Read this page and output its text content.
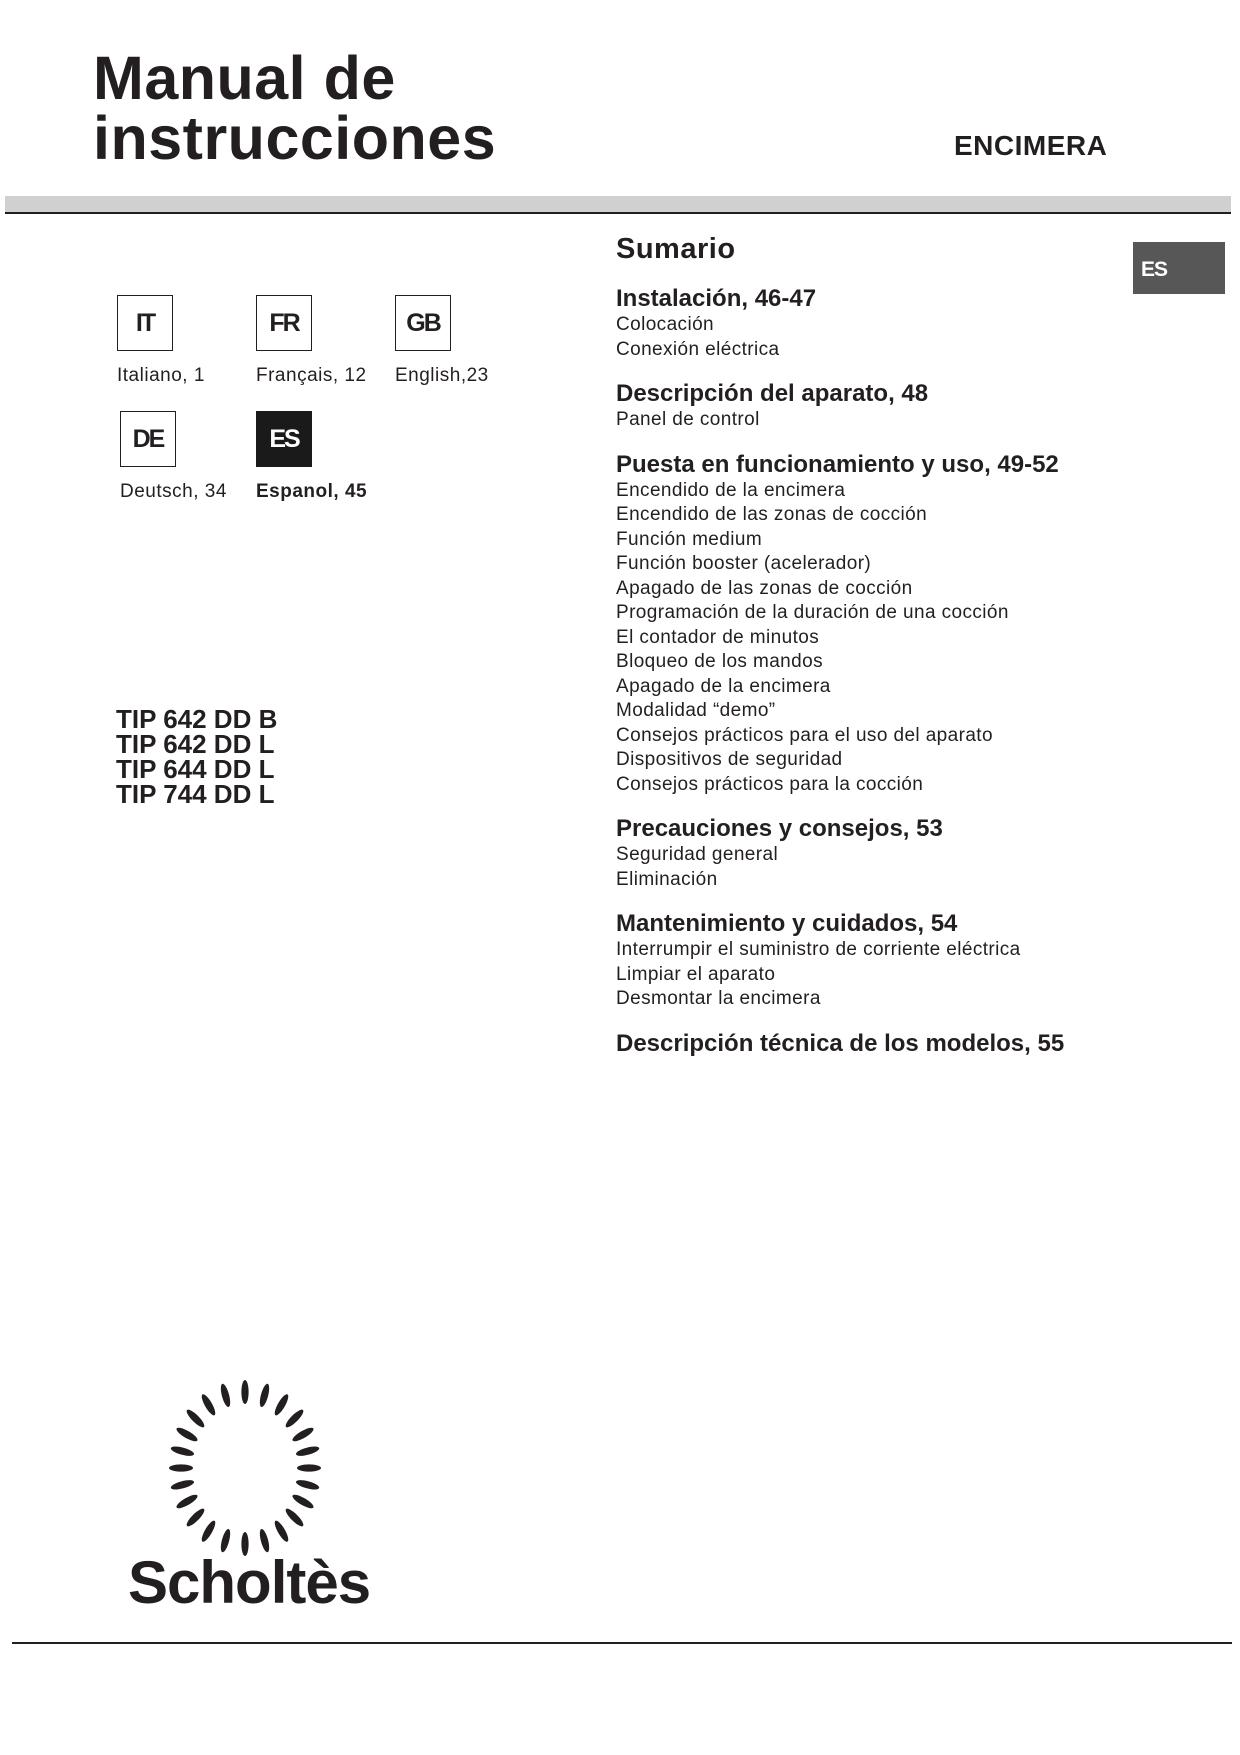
Manual de
instrucciones	ENCIMERA
ES
IT
Italiano, 1
FR
Français, 12
GB
English,23
DE
Deutsch, 34
ES
Espanol, 45
TIP 642 DD B
TIP 642 DD L
TIP 644 DD L
TIP 744 DD L
Sumario
Instalación, 46-47
Colocación
Conexión eléctrica
Descripción del aparato, 48
Panel de control
Puesta en funcionamiento y uso, 49-52
Encendido de la encimera
Encendido de las zonas de cocción
Función medium
Función booster (acelerador)
Apagado de las zonas de cocción
Programación de la duración de una cocción
El contador de minutos
Bloqueo de los mandos
Apagado de la encimera
Modalidad “demo”
Consejos prácticos para el uso del aparato
Dispositivos de seguridad
Consejos prácticos para la cocción
Precauciones y consejos, 53
Seguridad general
Eliminación
Mantenimiento y cuidados, 54
Interrumpir el suministro de corriente eléctrica
Limpiar el aparato
Desmontar la encimera
Descripción técnica de los modelos, 55
Scholtès
